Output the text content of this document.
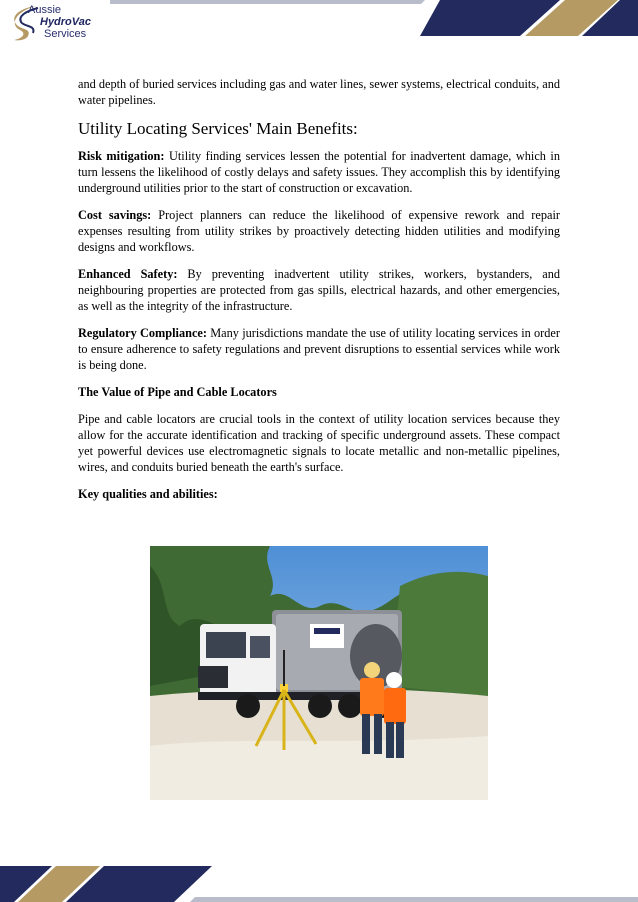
Aussie
HydroVac
Services

and depth of buried services including gas and water lines, sewer systems, electrical conduits, and water pipelines.

Utility Locating Services' Main Benefits:

Risk mitigation: Utility finding services lessen the potential for inadvertent damage, which in turn lessens the likelihood of costly delays and safety issues. They accomplish this by identifying underground utilities prior to the start of construction or excavation.

Cost savings: Project planners can reduce the likelihood of expensive rework and repair expenses resulting from utility strikes by proactively detecting hidden utilities and modifying designs and workflows.

Enhanced Safety: By preventing inadvertent utility strikes, workers, bystanders, and neighbouring properties are protected from gas spills, electrical hazards, and other emergencies, as well as the integrity of the infrastructure.

Regulatory Compliance: Many jurisdictions mandate the use of utility locating services in order to ensure adherence to safety regulations and prevent disruptions to essential services while work is being done.

The Value of Pipe and Cable Locators

Pipe and cable locators are crucial tools in the context of utility location services because they allow for the accurate identification and tracking of specific underground assets. These compact yet powerful devices use electromagnetic signals to locate metallic and non-metallic pipelines, wires, and conduits buried beneath the earth's surface.

Key qualities and abilities:
